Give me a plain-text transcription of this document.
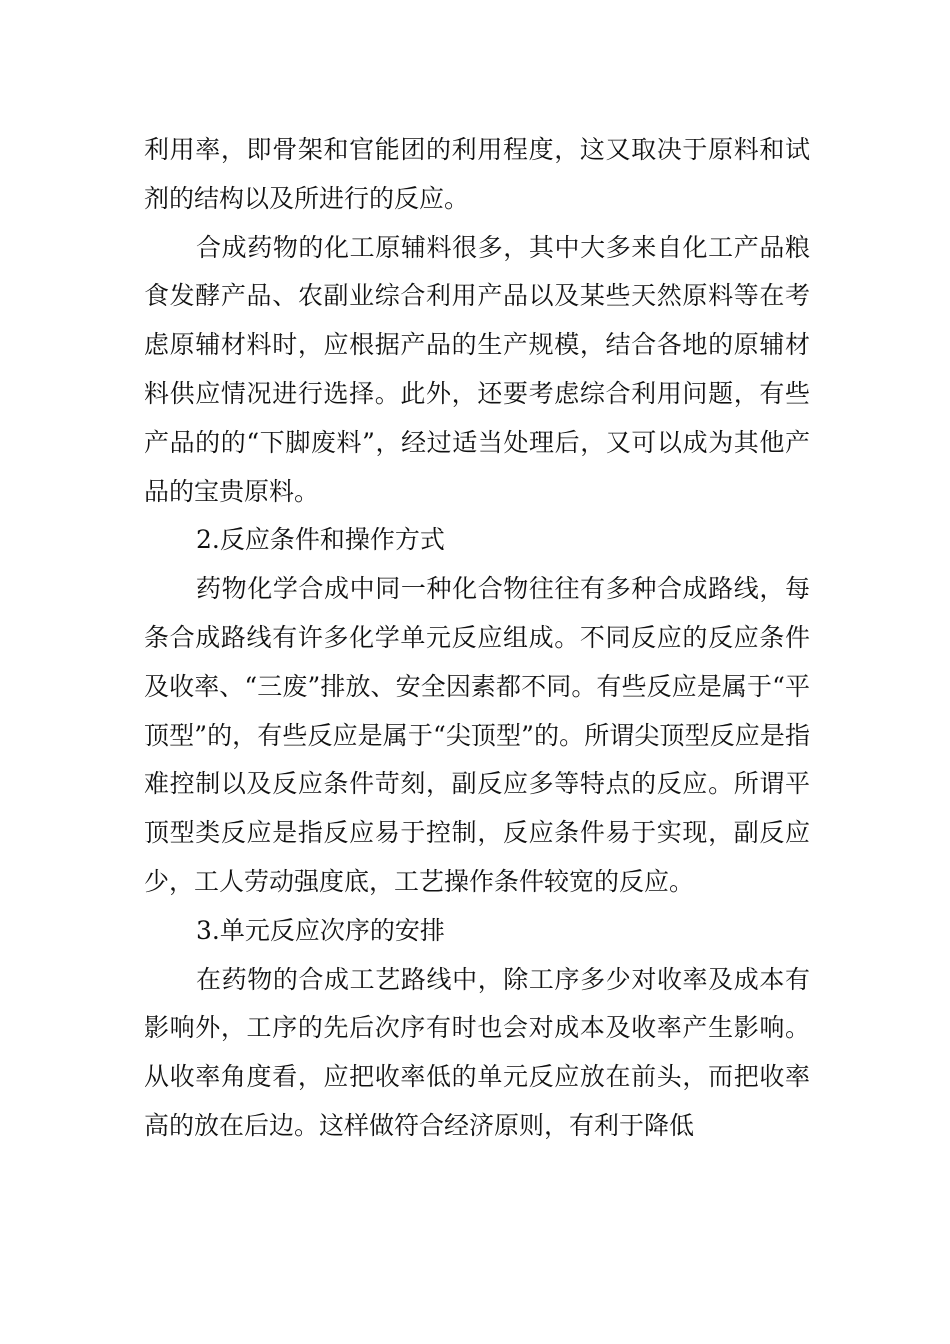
利用率，即骨架和官能团的利用程度，这又取决于原料和试剂的结构以及所进行的反应。

合成药物的化工原辅料很多，其中大多来自化工产品粮食发酵产品、农副业综合利用产品以及某些天然原料等在考虑原辅材料时，应根据产品的生产规模，结合各地的原辅材料供应情况进行选择。此外，还要考虑综合利用问题，有些产品的的“下脚废料”，经过适当处理后，又可以成为其他产品的宝贵原料。

2.反应条件和操作方式

药物化学合成中同一种化合物往往有多种合成路线，每条合成路线有许多化学单元反应组成。不同反应的反应条件及收率、“三废”排放、安全因素都不同。有些反应是属于“平顶型”的，有些反应是属于“尖顶型”的。所谓尖顶型反应是指难控制以及反应条件苛刻，副反应多等特点的反应。所谓平顶型类反应是指反应易于控制，反应条件易于实现，副反应少，工人劳动强度底，工艺操作条件较宽的反应。

3.单元反应次序的安排

在药物的合成工艺路线中，除工序多少对收率及成本有影响外，工序的先后次序有时也会对成本及收率产生影响。从收率角度看，应把收率低的单元反应放在前头，而把收率高的放在后边。这样做符合经济原则，有利于降低
